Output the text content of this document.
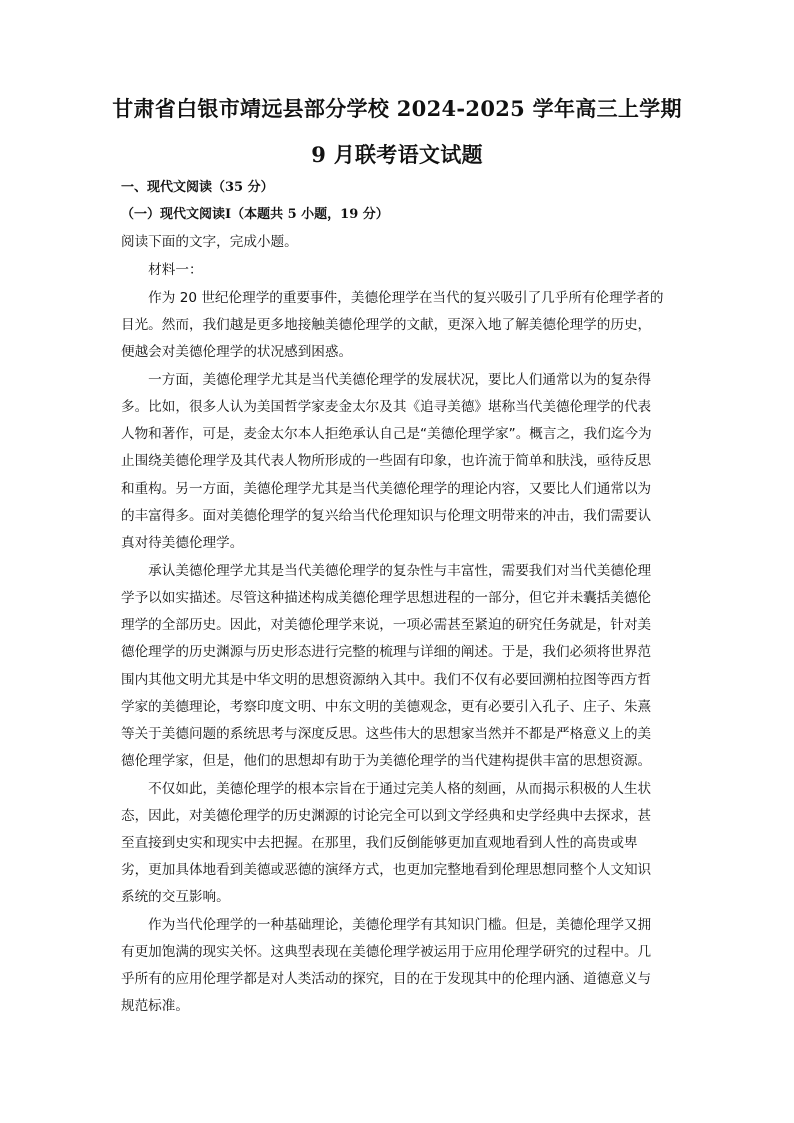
甘肃省白银市靖远县部分学校 2024-2025 学年高三上学期
9 月联考语文试题
一、现代文阅读（35 分）
（一）现代文阅读Ⅰ（本题共 5 小题，19 分）
阅读下面的文字，完成小题。
　　材料一：
　　作为 20 世纪伦理学的重要事件，美德伦理学在当代的复兴吸引了几乎所有伦理学者的
目光。然而，我们越是更多地接触美德伦理学的文献，更深入地了解美德伦理学的历史，
便越会对美德伦理学的状况感到困惑。
　　一方面，美德伦理学尤其是当代美德伦理学的发展状况，要比人们通常以为的复杂得
多。比如，很多人认为美国哲学家麦金太尔及其《追寻美德》堪称当代美德伦理学的代表
人物和著作，可是，麦金太尔本人拒绝承认自己是“美德伦理学家”。概言之，我们迄今为
止围绕美德伦理学及其代表人物所形成的一些固有印象，也许流于简单和肤浅，亟待反思
和重构。另一方面，美德伦理学尤其是当代美德伦理学的理论内容，又要比人们通常以为
的丰富得多。面对美德伦理学的复兴给当代伦理知识与伦理文明带来的冲击，我们需要认
真对待美德伦理学。
　　承认美德伦理学尤其是当代美德伦理学的复杂性与丰富性，需要我们对当代美德伦理
学予以如实描述。尽管这种描述构成美德伦理学思想进程的一部分，但它并未囊括美德伦
理学的全部历史。因此，对美德伦理学来说，一项必需甚至紧迫的研究任务就是，针对美
德伦理学的历史渊源与历史形态进行完整的梳理与详细的阐述。于是，我们必须将世界范
围内其他文明尤其是中华文明的思想资源纳入其中。我们不仅有必要回溯柏拉图等西方哲
学家的美德理论，考察印度文明、中东文明的美德观念，更有必要引入孔子、庄子、朱熹
等关于美德问题的系统思考与深度反思。这些伟大的思想家当然并不都是严格意义上的美
德伦理学家，但是，他们的思想却有助于为美德伦理学的当代建构提供丰富的思想资源。
　　不仅如此，美德伦理学的根本宗旨在于通过完美人格的刻画，从而揭示积极的人生状
态，因此，对美德伦理学的历史渊源的讨论完全可以到文学经典和史学经典中去探求，甚
至直接到史实和现实中去把握。在那里，我们反倒能够更加直观地看到人性的高贵或卑
劣，更加具体地看到美德或恶德的演绎方式，也更加完整地看到伦理思想同整个人文知识
系统的交互影响。
　　作为当代伦理学的一种基础理论，美德伦理学有其知识门槛。但是，美德伦理学又拥
有更加饱满的现实关怀。这典型表现在美德伦理学被运用于应用伦理学研究的过程中。几
乎所有的应用伦理学都是对人类活动的探究，目的在于发现其中的伦理内涵、道德意义与
规范标准。
